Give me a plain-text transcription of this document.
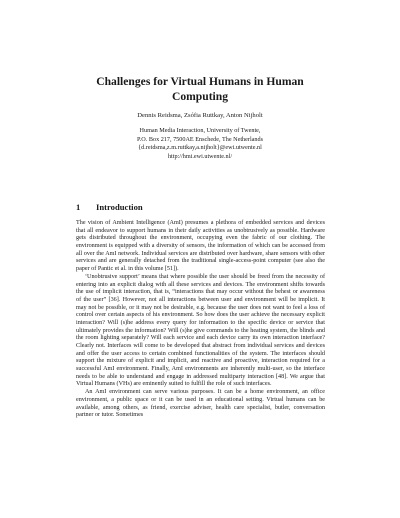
Challenges for Virtual Humans in Human
Computing
Dennis Reidsma, Zsófia Ruttkay, Anton Nijholt
Human Media Interaction, University of Twente,
P.O. Box 217, 7500AE Enschede, The Netherlands
{d.reidsma,z.m.ruttkay,a.nijholt}@ewi.utwente.nl
http://hmi.ewi.utwente.nl/
1 Introduction

The vision of Ambient Intelligence (AmI) presumes a plethora of embedded services and devices that all endeavor to support humans in their daily activities as unobtrusively as possible. Hardware gets distributed throughout the environment, occupying even the fabric of our clothing. The environment is equipped with a diversity of sensors, the information of which can be accessed from all over the AmI network. Individual services are distributed over hardware, share sensors with other services and are generally detached from the traditional single-access-point computer (see also the paper of Pantic et al. in this volume [51]).

‘Unobtrusive support’ means that where possible the user should be freed from the necessity of entering into an explicit dialog with all these services and devices. The environment shifts towards the use of implicit interaction, that is, “interactions that may occur without the behest or awareness of the user” [36]. However, not all interactions between user and environment will be implicit. It may not be possible, or it may not be desirable, e.g. because the user does not want to feel a loss of control over certain aspects of his environment. So how does the user achieve the necessary explicit interaction? Will (s)he address every query for information to the specific device or service that ultimately provides the information? Will (s)he give commands to the heating system, the blinds and the room lighting separately? Will each service and each device carry its own interaction interface? Clearly not. Interfaces will come to be developed that abstract from individual services and devices and offer the user access to certain combined functionalities of the system. The interfaces should support the mixture of explicit and implicit, and reactive and proactive, interaction required for a successful AmI environment. Finally, AmI environments are inherently multi-user, so the interface needs to be able to understand and engage in addressed multiparty interaction [48]. We argue that Virtual Humans (VHs) are eminently suited to fulfill the role of such interfaces.

An AmI environment can serve various purposes. It can be a home environment, an office environment, a public space or it can be used in an educational setting. Virtual humans can be available, among others, as friend, exercise adviser, health care specialist, butler, conversation partner or tutor. Sometimes
